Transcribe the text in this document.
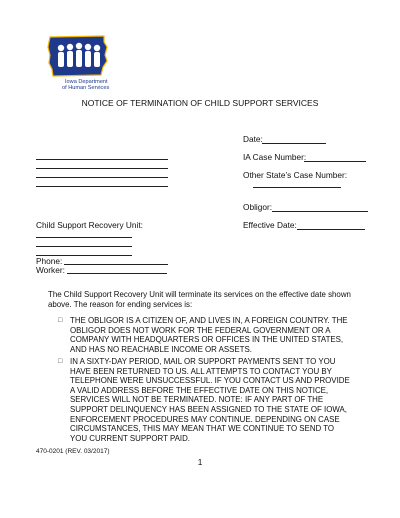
Iowa Department
of Human Services
NOTICE OF TERMINATION OF CHILD SUPPORT SERVICES
Date:
IA Case Number:
Other State’s Case Number:
Obligor:
Effective Date:
Child Support Recovery Unit:
Phone:
Worker:
The Child Support Recovery Unit will terminate its services on the effective date shown
above. The reason for ending services is:
□ THE OBLIGOR IS A CITIZEN OF, AND LIVES IN, A FOREIGN COUNTRY. THE
OBLIGOR DOES NOT WORK FOR THE FEDERAL GOVERNMENT OR A
COMPANY WITH HEADQUARTERS OR OFFICES IN THE UNITED STATES,
AND HAS NO REACHABLE INCOME OR ASSETS.
□ IN A SIXTY-DAY PERIOD, MAIL OR SUPPORT PAYMENTS SENT TO YOU
HAVE BEEN RETURNED TO US. ALL ATTEMPTS TO CONTACT YOU BY
TELEPHONE WERE UNSUCCESSFUL. IF YOU CONTACT US AND PROVIDE
A VALID ADDRESS BEFORE THE EFFECTIVE DATE ON THIS NOTICE,
SERVICES WILL NOT BE TERMINATED. NOTE: IF ANY PART OF THE
SUPPORT DELINQUENCY HAS BEEN ASSIGNED TO THE STATE OF IOWA,
ENFORCEMENT PROCEDURES MAY CONTINUE. DEPENDING ON CASE
CIRCUMSTANCES, THIS MAY MEAN THAT WE CONTINUE TO SEND TO
YOU CURRENT SUPPORT PAID.
470-0201 (REV. 03/2017)
1
